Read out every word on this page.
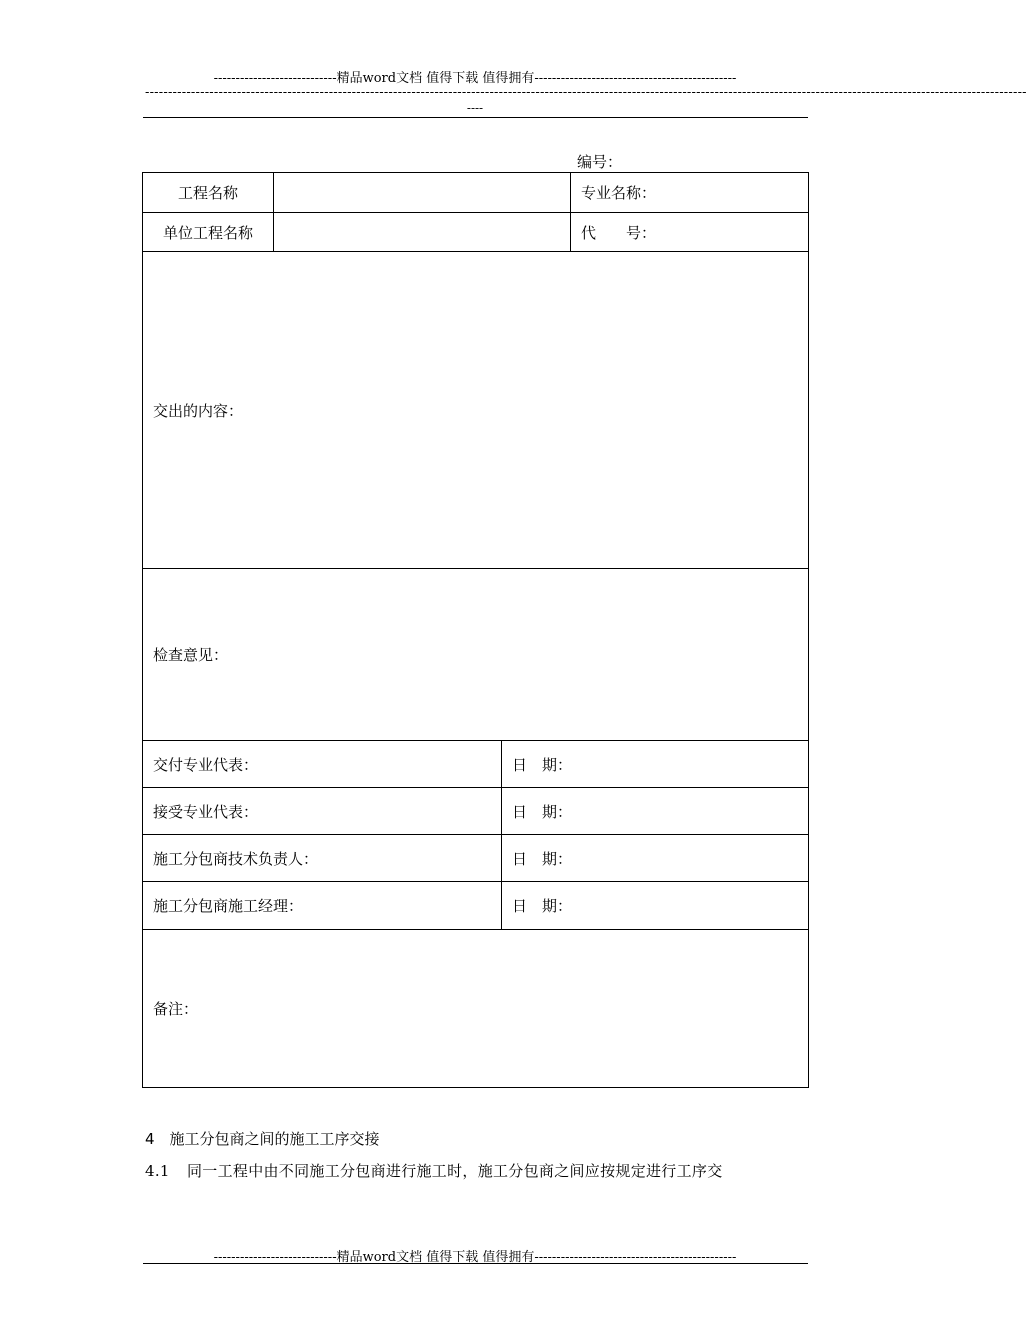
----------------------------精品word文档 值得下载 值得拥有----------------------------------------------
------------------------------------------------------------------------------------------------------------------------------------------------------------------------------------------------
----
编号：
工程名称			专业名称：
单位工程名称			代　　号：
交出的内容：			
检查意见：			
交付专业代表：		日　期：	
接受专业代表：		日　期：	
施工分包商技术负责人：		日　期：	
施工分包商施工经理：		日　期：	
备注：			
4　施工分包商之间的施工工序交接
4.1 同一工程中由不同施工分包商进行施工时，施工分包商之间应按规定进行工序交
----------------------------精品word文档 值得下载 值得拥有----------------------------------------------
